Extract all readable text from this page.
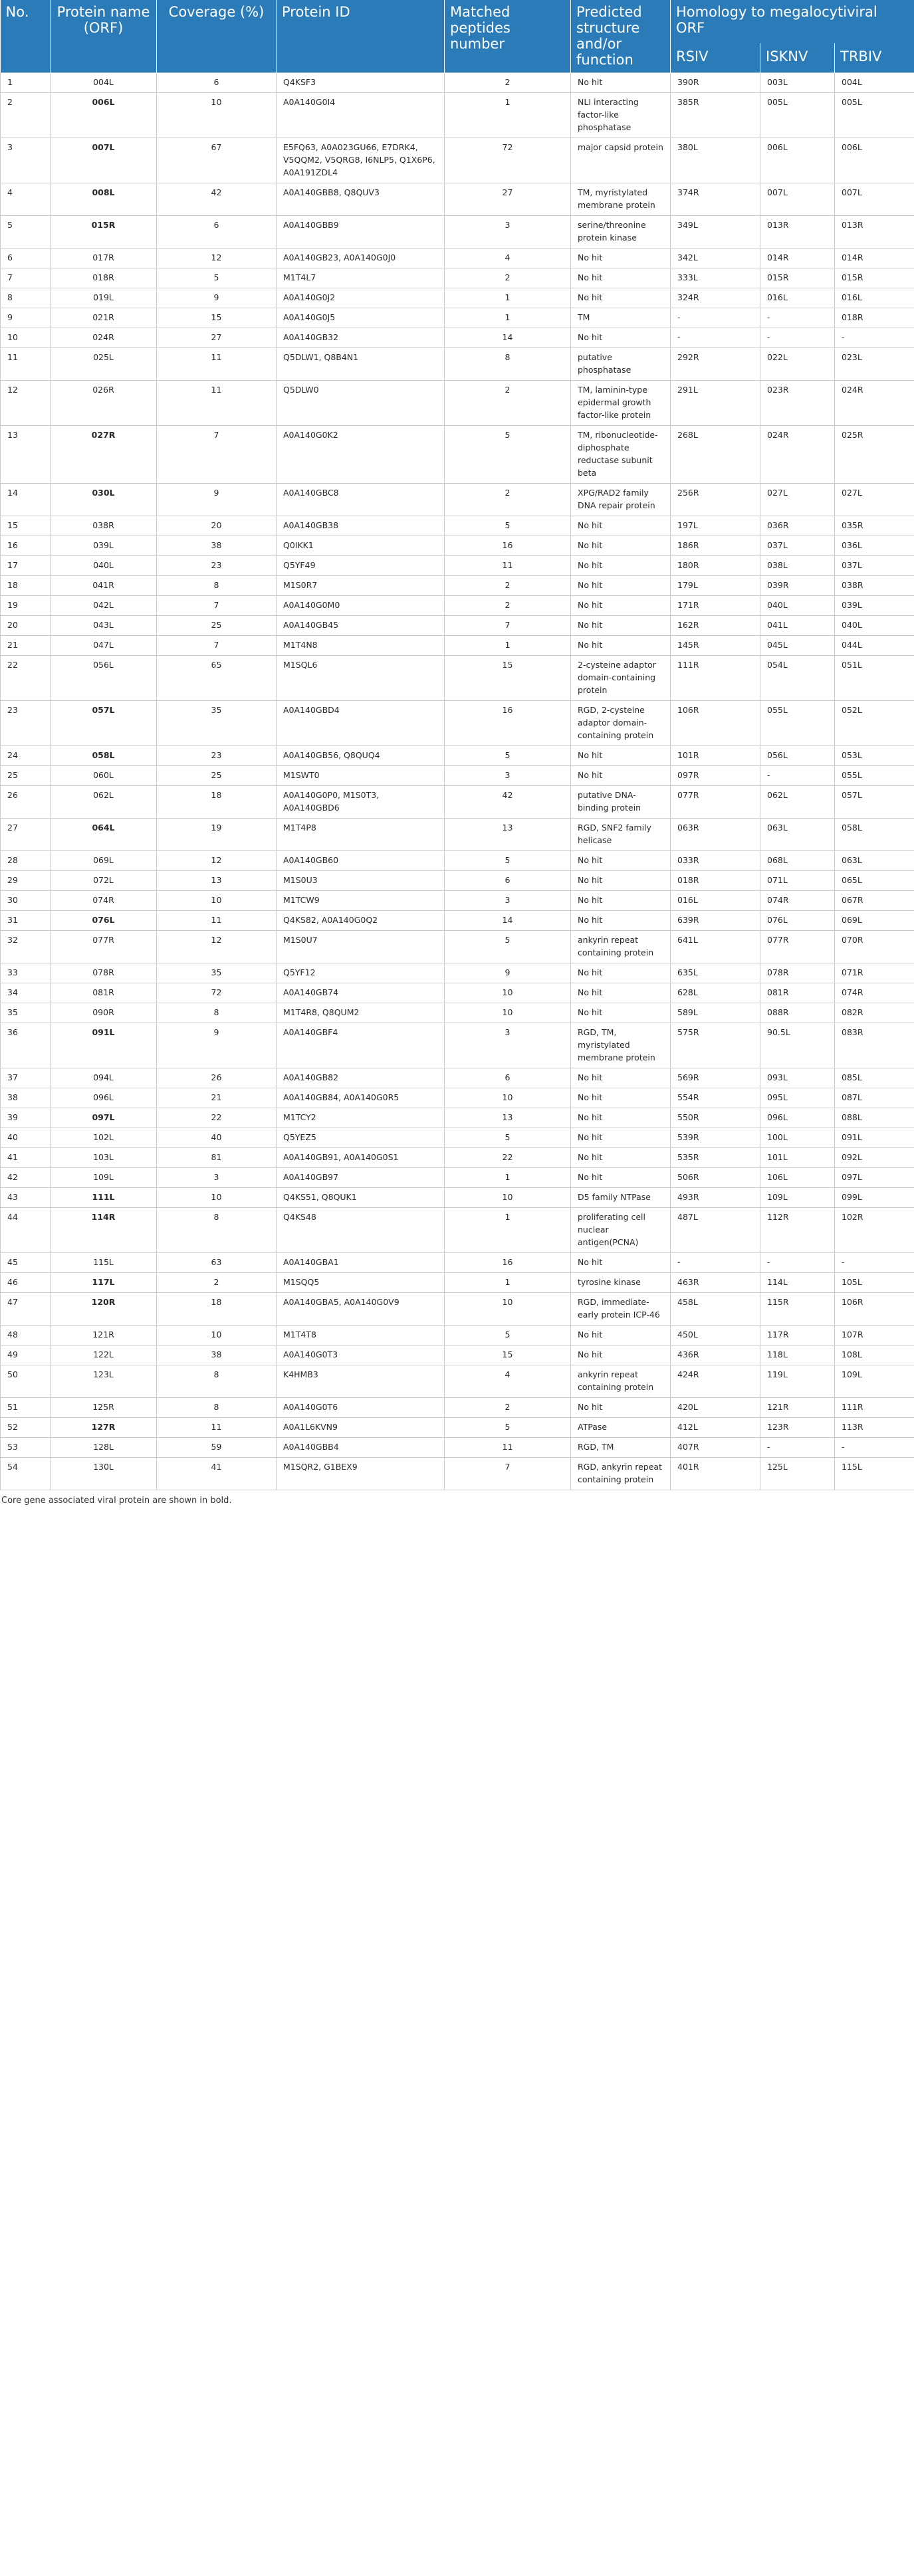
No.	Protein name (ORF)	Coverage (%)	Protein ID	Matched peptides number	Predicted structure and/or function	Homology to megalocytiviral ORF		
						RSIV	ISKNV	TRBIV
1	004L	6	Q4KSF3	2	No hit	390R	003L	004L
2	006L	10	A0A140G0I4	1	NLI interacting factor-like phosphatase	385R	005L	005L
3	007L	67	E5FQ63, A0A023GU66, E7DRK4, V5QQM2, V5QRG8, I6NLP5, Q1X6P6, A0A191ZDL4	72	major capsid protein	380L	006L	006L
4	008L	42	A0A140GBB8, Q8QUV3	27	TM, myristylated membrane protein	374R	007L	007L
5	015R	6	A0A140GBB9	3	serine/threonine protein kinase	349L	013R	013R
6	017R	12	A0A140GB23, A0A140G0J0	4	No hit	342L	014R	014R
7	018R	5	M1T4L7	2	No hit	333L	015R	015R
8	019L	9	A0A140G0J2	1	No hit	324R	016L	016L
9	021R	15	A0A140G0J5	1	TM	-	-	018R
10	024R	27	A0A140GB32	14	No hit	-	-	-
11	025L	11	Q5DLW1, Q8B4N1	8	putative phosphatase	292R	022L	023L
12	026R	11	Q5DLW0	2	TM, laminin-type epidermal growth factor-like protein	291L	023R	024R
13	027R	7	A0A140G0K2	5	TM, ribonucleotide-diphosphate reductase subunit beta	268L	024R	025R
14	030L	9	A0A140GBC8	2	XPG/RAD2 family DNA repair protein	256R	027L	027L
15	038R	20	A0A140GB38	5	No hit	197L	036R	035R
16	039L	38	Q0IKK1	16	No hit	186R	037L	036L
17	040L	23	Q5YF49	11	No hit	180R	038L	037L
18	041R	8	M1S0R7	2	No hit	179L	039R	038R
19	042L	7	A0A140G0M0	2	No hit	171R	040L	039L
20	043L	25	A0A140GB45	7	No hit	162R	041L	040L
21	047L	7	M1T4N8	1	No hit	145R	045L	044L
22	056L	65	M1SQL6	15	2-cysteine adaptor domain-containing protein	111R	054L	051L
23	057L	35	A0A140GBD4	16	RGD, 2-cysteine adaptor domain-containing protein	106R	055L	052L
24	058L	23	A0A140GB56, Q8QUQ4	5	No hit	101R	056L	053L
25	060L	25	M1SWT0	3	No hit	097R	-	055L
26	062L	18	A0A140G0P0, M1S0T3, A0A140GBD6	42	putative DNA-binding protein	077R	062L	057L
27	064L	19	M1T4P8	13	RGD, SNF2 family helicase	063R	063L	058L
28	069L	12	A0A140GB60	5	No hit	033R	068L	063L
29	072L	13	M1S0U3	6	No hit	018R	071L	065L
30	074R	10	M1TCW9	3	No hit	016L	074R	067R
31	076L	11	Q4KS82, A0A140G0Q2	14	No hit	639R	076L	069L
32	077R	12	M1S0U7	5	ankyrin repeat containing protein	641L	077R	070R
33	078R	35	Q5YF12	9	No hit	635L	078R	071R
34	081R	72	A0A140GB74	10	No hit	628L	081R	074R
35	090R	8	M1T4R8, Q8QUM2	10	No hit	589L	088R	082R
36	091L	9	A0A140GBF4	3	RGD, TM, myristylated membrane protein	575R	90.5L	083R
37	094L	26	A0A140GB82	6	No hit	569R	093L	085L
38	096L	21	A0A140GB84, A0A140G0R5	10	No hit	554R	095L	087L
39	097L	22	M1TCY2	13	No hit	550R	096L	088L
40	102L	40	Q5YEZ5	5	No hit	539R	100L	091L
41	103L	81	A0A140GB91, A0A140G0S1	22	No hit	535R	101L	092L
42	109L	3	A0A140GB97	1	No hit	506R	106L	097L
43	111L	10	Q4KS51, Q8QUK1	10	D5 family NTPase	493R	109L	099L
44	114R	8	Q4KS48	1	proliferating cell nuclear antigen(PCNA)	487L	112R	102R
45	115L	63	A0A140GBA1	16	No hit	-	-	-
46	117L	2	M1SQQ5	1	tyrosine kinase	463R	114L	105L
47	120R	18	A0A140GBA5, A0A140G0V9	10	RGD, immediate-early protein ICP-46	458L	115R	106R
48	121R	10	M1T4T8	5	No hit	450L	117R	107R
49	122L	38	A0A140G0T3	15	No hit	436R	118L	108L
50	123L	8	K4HMB3	4	ankyrin repeat containing protein	424R	119L	109L
51	125R	8	A0A140G0T6	2	No hit	420L	121R	111R
52	127R	11	A0A1L6KVN9	5	ATPase	412L	123R	113R
53	128L	59	A0A140GBB4	11	RGD, TM	407R	-	-
54	130L	41	M1SQR2, G1BEX9	7	RGD, ankyrin repeat containing protein	401R	125L	115L
Core gene associated viral protein are shown in bold.
